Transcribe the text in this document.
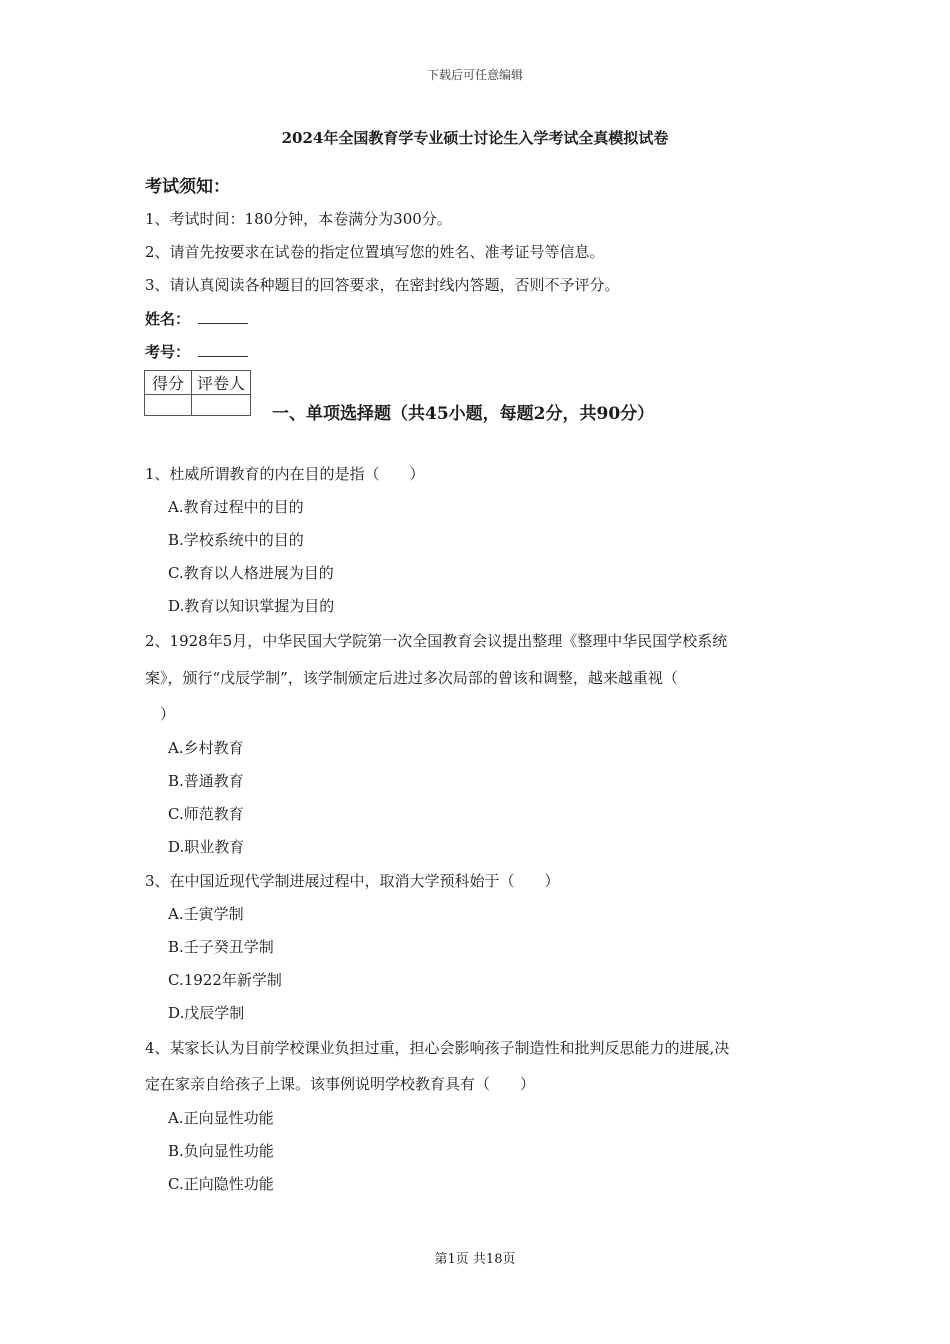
下载后可任意编辑
2024年全国教育学专业硕士讨论生入学考试全真模拟试卷
考试须知：
1、考试时间：180分钟，本卷满分为300分。
2、请首先按要求在试卷的指定位置填写您的姓名、准考证号等信息。
3、请认真阅读各种题目的回答要求，在密封线内答题，否则不予评分。
姓名：
考号：
得分	评卷人

一、单项选择题（共45小题，每题2分，共90分）
1、杜威所谓教育的内在目的是指（　　）
A.教育过程中的目的
B.学校系统中的目的
C.教育以人格进展为目的
D.教育以知识掌握为目的
2、1928年5月，中华民国大学院第一次全国教育会议提出整理《整理中华民国学校系统
案》，颁行“戊辰学制”，该学制颁定后进过多次局部的曾该和调整，越来越重视（
　）
A.乡村教育
B.普通教育
C.师范教育
D.职业教育
3、在中国近现代学制进展过程中，取消大学预科始于（　　）
A.壬寅学制
B.壬子癸丑学制
C.1922年新学制
D.戊辰学制
4、某家长认为目前学校课业负担过重，担心会影响孩子制造性和批判反思能力的进展,决
定在家亲自给孩子上课。该事例说明学校教育具有（　　）
A.正向显性功能
B.负向显性功能
C.正向隐性功能
第1页 共18页
